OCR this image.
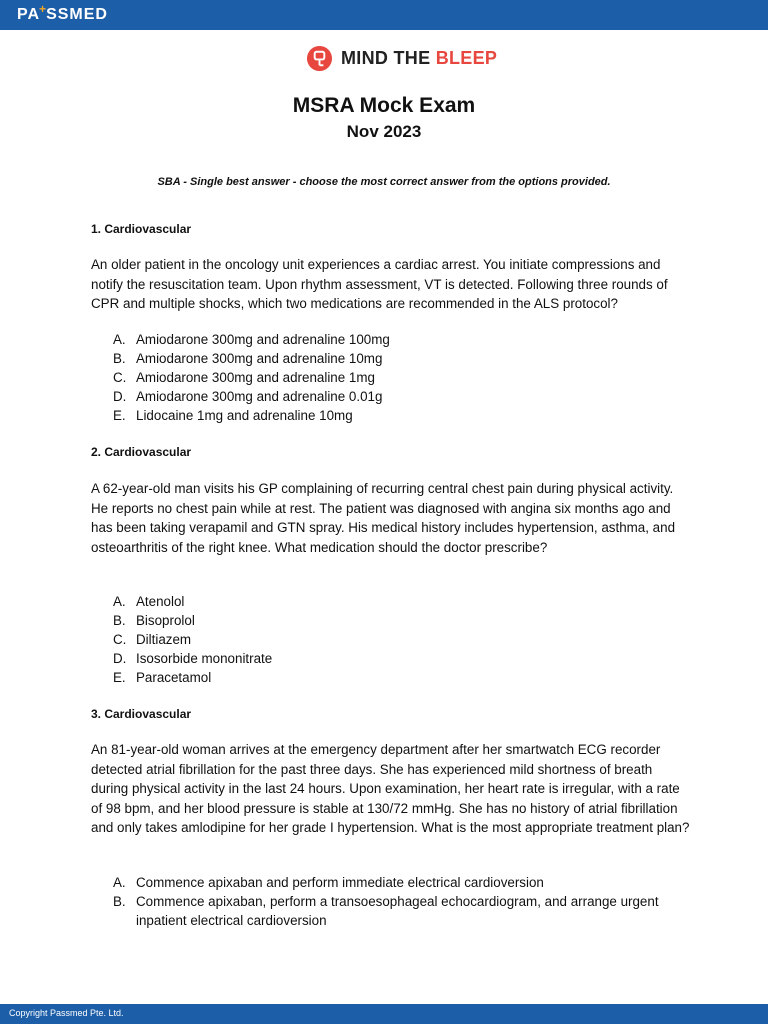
PA+SSMED
MIND THE BLEEP
MSRA Mock Exam
Nov 2023
SBA - Single best answer - choose the most correct answer from the options provided.
1. Cardiovascular
An older patient in the oncology unit experiences a cardiac arrest. You initiate compressions and notify the resuscitation team. Upon rhythm assessment, VT is detected. Following three rounds of CPR and multiple shocks, which two medications are recommended in the ALS protocol?
A. Amiodarone 300mg and adrenaline 100mg
B. Amiodarone 300mg and adrenaline 10mg
C. Amiodarone 300mg and adrenaline 1mg
D. Amiodarone 300mg and adrenaline 0.01g
E. Lidocaine 1mg and adrenaline 10mg
2. Cardiovascular
A 62-year-old man visits his GP complaining of recurring central chest pain during physical activity. He reports no chest pain while at rest. The patient was diagnosed with angina six months ago and has been taking verapamil and GTN spray. His medical history includes hypertension, asthma, and osteoarthritis of the right knee. What medication should the doctor prescribe?
A. Atenolol
B. Bisoprolol
C. Diltiazem
D. Isosorbide mononitrate
E. Paracetamol
3. Cardiovascular
An 81-year-old woman arrives at the emergency department after her smartwatch ECG recorder detected atrial fibrillation for the past three days. She has experienced mild shortness of breath during physical activity in the last 24 hours. Upon examination, her heart rate is irregular, with a rate of 98 bpm, and her blood pressure is stable at 130/72 mmHg. She has no history of atrial fibrillation and only takes amlodipine for her grade I hypertension. What is the most appropriate treatment plan?
A. Commence apixaban and perform immediate electrical cardioversion
B. Commence apixaban, perform a transoesophageal echocardiogram, and arrange urgent inpatient electrical cardioversion
Copyright Passmed Pte. Ltd.
